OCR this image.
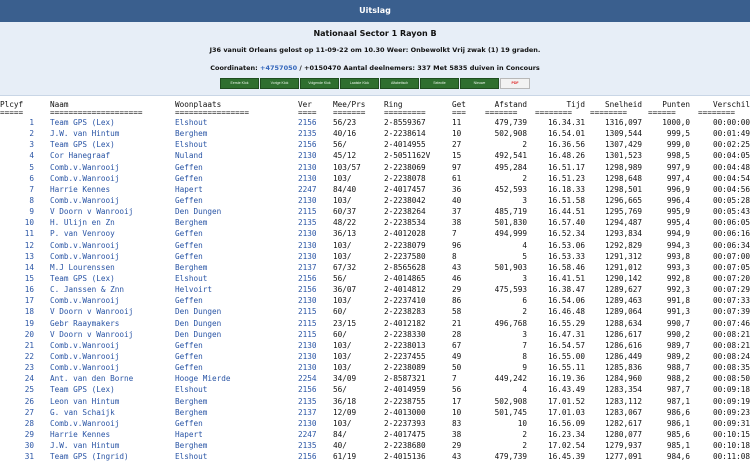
Uitslag
Nationaal Sector 1 Rayon B
J36 vanuit Orleans gelost op 11-09-22 om 10.30 Weer: Onbewolkt Vrij zwak (1) 19 graden.
Coordinaten: +4757050 / +0150470 Aantal deelnemers: 337 Met 5835 duiven in Concours
Eerste Klok	Vorige Klok	Volgende Klok	Laatste Klok	Alfabetisch	Selectie	Nieuwe	PDF
Plcyf	Naam	Woonplaats	Ver	Mee/Prs Ring	Get	Afstand	Tijd	Snelheid	Punten	Verschil
=====	====================	================	==== ======= =========	=== =======	========	========	======	========
1 Team GPS (Lex)	Elshout	2156 56/23	2-8559367	11	479,739	16.34.31	1316,097	1000,0	00:00:00
2 J.W. van Hintum	Berghem	2135 40/16	2-2238614	10	502,908	16.54.01	1309,544	999,5	00:01:49
3 Team GPS (Lex)	Elshout	2156 56/	2-4014955	27	2	16.36.56	1307,429	999,0	00:02:25
4 Cor Hanegraaf	Nuland	2130 45/12	2-5051162V	15	492,541	16.48.26	1301,523	998,5	00:04:05
5 Comb.v.Wanrooij	Geffen	2130 103/57	2-2238069	97	495,284	16.51.17	1298,989	997,9	00:04:48
6 Comb.v.Wanrooij	Geffen	2130 103/	2-2238078	61	2	16.51.23	1298,648	997,4	00:04:54
7 Harrie Kennes	Hapert	2247 84/40	2-4017457	36	452,593	16.18.33	1298,501	996,9	00:04:56
8 Comb.v.Wanrooij	Geffen	2130 103/	2-2238042	40	3	16.51.58	1296,665	996,4	00:05:28
9 V Doorn v Wanrooij	Den Dungen	2115 60/37	2-2238264	37	485,719	16.44.51	1295,769	995,9	00:05:43
10 H. Ulijn en Zn	Berghem	2135 48/22	2-2238534	38	501,830	16.57.40	1294,487	995,4	00:06:05
11 P. van Venrooy	Geffen	2130 36/13	2-4012028	7	494,999	16.52.34	1293,834	994,9	00:06:16
12 Comb.v.Wanrooij	Geffen	2130 103/	2-2238079	96	4	16.53.06	1292,829	994,3	00:06:34
13 Comb.v.Wanrooij	Geffen	2130 103/	2-2237580	8	5	16.53.33	1291,312	993,8	00:07:00
14 M.J Lourenssen	Berghem	2137 67/32	2-8565628	43	501,903	16.58.46	1291,012	993,3	00:07:05
15 Team GPS (Lex)	Elshout	2156 56/	2-4014865	46	3	16.41.51	1290,142	992,8	00:07:20
16 C. Janssen & Znn	Helvoirt	2156 36/07	2-4014812	29	475,593	16.38.47	1289,627	992,3	00:07:29
17 Comb.v.Wanrooij	Geffen	2130 103/	2-2237410	86	6	16.54.06	1289,463	991,8	00:07:33
18 V Doorn v Wanrooij	Den Dungen	2115 60/	2-2238283	58	2	16.46.48	1289,064	991,3	00:07:39
19 Gebr Raaymakers	Den Dungen	2115 23/15	2-4012182	21	496,768	16.55.29	1288,634	990,7	00:07:46
20 V Doorn v Wanrooij	Den Dungen	2115 60/	2-2238330	28	3	16.47.31	1286,617	990,2	00:08:21
21 Comb.v.Wanrooij	Geffen	2130 103/	2-2238013	67	7	16.54.57	1286,616	989,7	00:08:21
22 Comb.v.Wanrooij	Geffen	2130 103/	2-2237455	49	8	16.55.00	1286,449	989,2	00:08:24
23 Comb.v.Wanrooij	Geffen	2130 103/	2-2238089	50	9	16.55.11	1285,836	988,7	00:08:35
24 Ant. van den Borne	Hooge Mierde	2254 34/09	2-8587321	7	449,242	16.19.36	1284,960	988,2	00:08:50
25 Team GPS (Lex)	Elshout	2156 56/	2-4014959	56	4	16.43.49	1283,354	987,7	00:09:18
26 Leon van Hintum	Berghem	2135 36/18	2-2238755	17	502,908	17.01.52	1283,112	987,1	00:09:19
27 G. van Schaijk	Berghem	2137 12/09	2-4013000	10	501,745	17.01.03	1283,067	986,6	00:09:23
28 Comb.v.Wanrooij	Geffen	2130 103/	2-2237393	83	10	16.56.09	1282,617	986,1	00:09:31
29 Harrie Kennes	Hapert	2247 84/	2-4017475	38	2	16.23.34	1280,077	985,6	00:10:15
30 J.W. van Hintum	Berghem	2135 40/	2-2238680	29	2	17.02.54	1279,937	985,1	00:10:18
31 Team GPS (Ingrid)	Elshout	2156 61/19	2-4015136	43	479,739	16.45.39	1277,091	984,6	00:11:08
